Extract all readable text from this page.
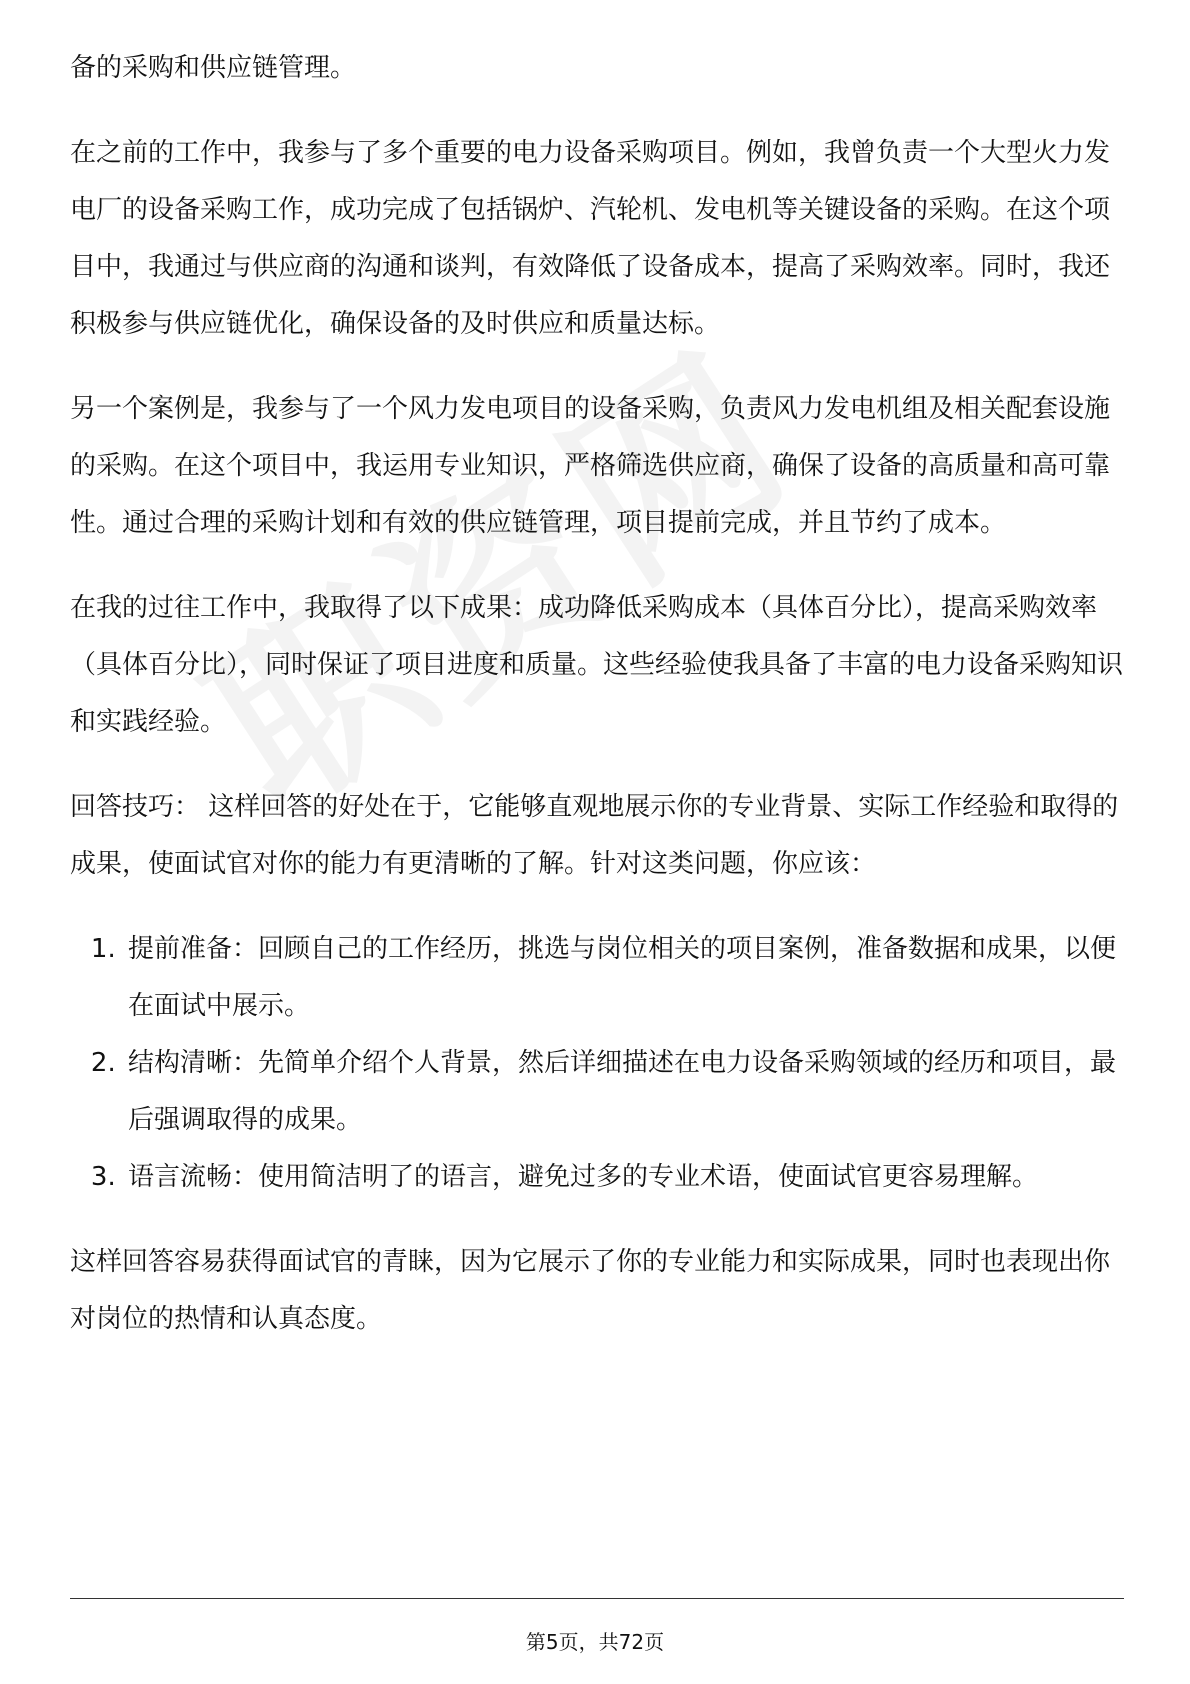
备的采购和供应链管理。

在之前的工作中，我参与了多个重要的电力设备采购项目。例如，我曾负责一个大型火力发电厂的设备采购工作，成功完成了包括锅炉、汽轮机、发电机等关键设备的采购。在这个项目中，我通过与供应商的沟通和谈判，有效降低了设备成本，提高了采购效率。同时，我还积极参与供应链优化，确保设备的及时供应和质量达标。

另一个案例是，我参与了一个风力发电项目的设备采购，负责风力发电机组及相关配套设施的采购。在这个项目中，我运用专业知识，严格筛选供应商，确保了设备的高质量和高可靠性。通过合理的采购计划和有效的供应链管理，项目提前完成，并且节约了成本。

在我的过往工作中，我取得了以下成果：成功降低采购成本（具体百分比），提高采购效率（具体百分比），同时保证了项目进度和质量。这些经验使我具备了丰富的电力设备采购知识和实践经验。

回答技巧： 这样回答的好处在于，它能够直观地展示你的专业背景、实际工作经验和取得的成果，使面试官对你的能力有更清晰的了解。针对这类问题，你应该：

1. 提前准备：回顾自己的工作经历，挑选与岗位相关的项目案例，准备数据和成果，以便在面试中展示。
2. 结构清晰：先简单介绍个人背景，然后详细描述在电力设备采购领域的经历和项目，最后强调取得的成果。
3. 语言流畅：使用简洁明了的语言，避免过多的专业术语，使面试官更容易理解。

这样回答容易获得面试官的青睐，因为它展示了你的专业能力和实际成果，同时也表现出你对岗位的热情和认真态度。

第5页，共72页
